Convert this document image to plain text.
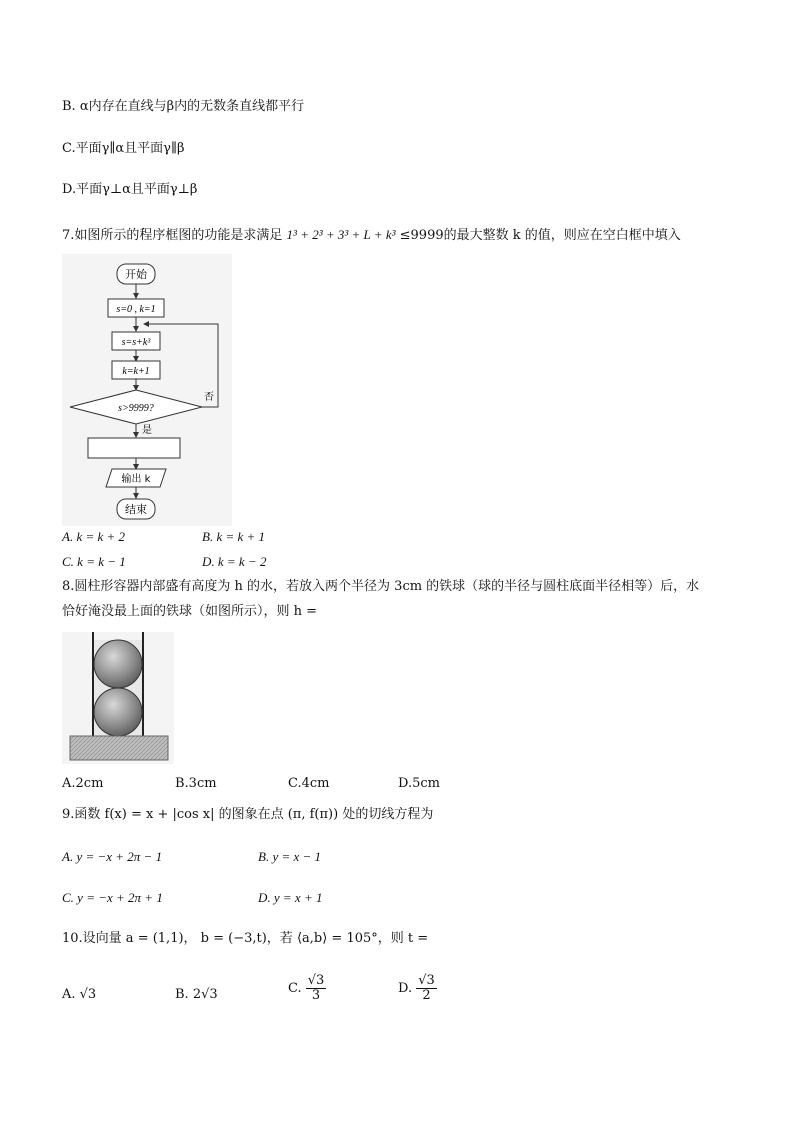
B. α内存在直线与β内的无数条直线都平行
C.平面γ∥α且平面γ∥β
D.平面γ⊥α且平面γ⊥β
7.如图所示的程序框图的功能是求满足 1³ + 2³ + 3³ + L + k³ ≤9999的最大整数 k 的值，则应在空白框中填入
开始
s=0 , k=1
s=s+k³
k=k+1
s>9999?
否
是
输出 k
结束
A. k = k + 2	B. k = k + 1
C. k = k − 1	D. k = k − 2
8.圆柱形容器内部盛有高度为 h 的水，若放入两个半径为 3cm 的铁球（球的半径与圆柱底面半径相等）后，水
恰好淹没最上面的铁球（如图所示），则 h =
A.2cm	B.3cm	C.4cm	D.5cm
9.函数 f(x) = x + |cos x| 的图象在点 (π, f(π)) 处的切线方程为
A. y = −x + 2π − 1	B. y = x − 1
C. y = −x + 2π + 1	D. y = x + 1
10.设向量 a = (1,1)， b = (−3,t)，若 ⟨a,b⟩ = 105°，则 t =
A. √3	B. 2√3	C. $\frac{√3}{3}$	D. $\frac{√3}{2}$
